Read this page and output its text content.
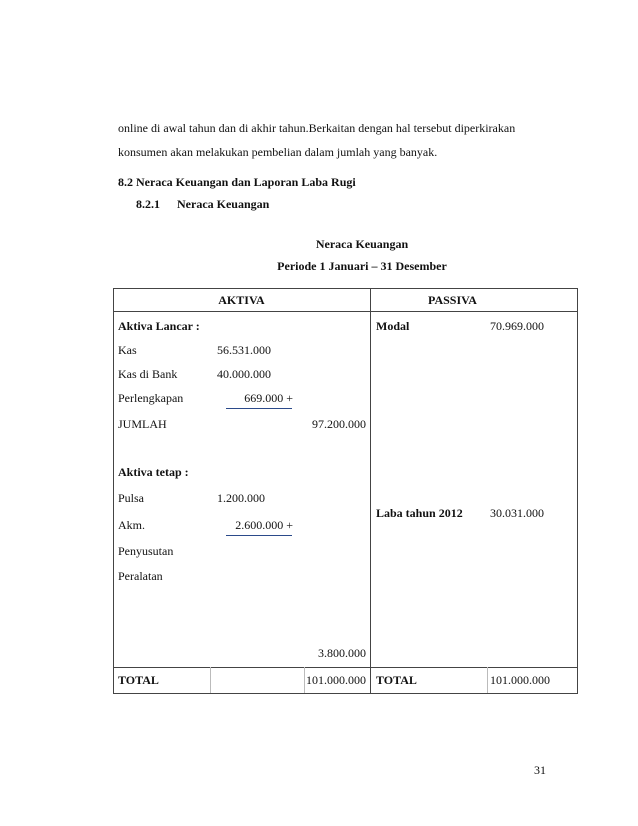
online di awal tahun dan di akhir tahun.Berkaitan dengan hal tersebut diperkirakan
konsumen akan melakukan pembelian dalam jumlah yang banyak.
8.2 Neraca Keuangan dan Laporan Laba Rugi
8.2.1 Neraca Keuangan
Neraca Keuangan
Periode 1 Januari – 31 Desember
AKTIVA	PASSIVA
Aktiva Lancar :
Kas	56.531.000
Kas di Bank	40.000.000
Perlengkapan	669.000 +
JUMLAH	97.200.000
Aktiva tetap :
Pulsa	1.200.000
Akm.	2.600.000 +
Penyusutan
Peralatan
3.800.000
Modal	70.969.000
Laba tahun 2012 30.031.000
TOTAL	101.000.000 TOTAL	101.000.000
31
